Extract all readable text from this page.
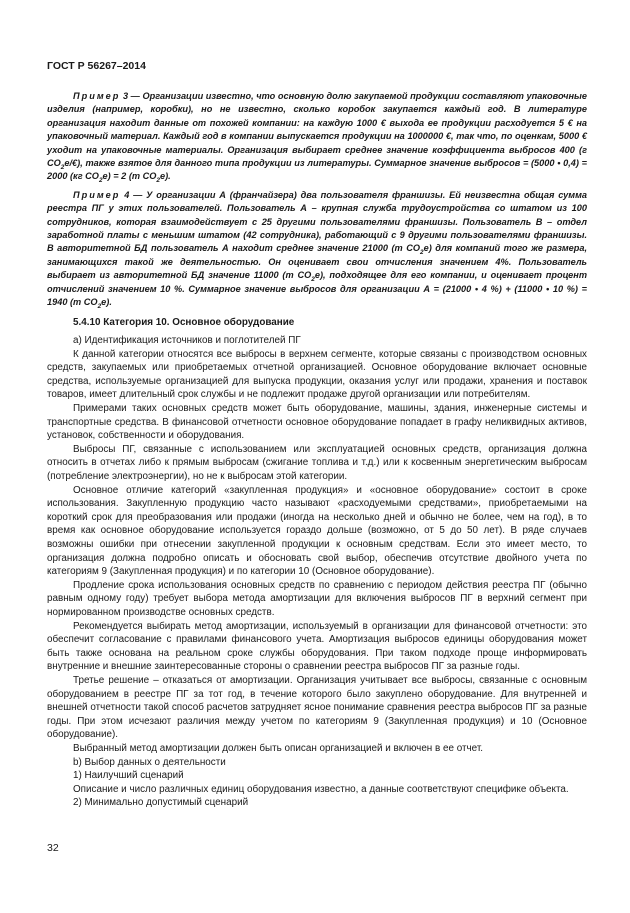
ГОСТ Р 56267–2014

Пример 3 — Организации известно, что основную долю закупаемой продукции составляют упаковочные изделия (например, коробки), но не известно, сколько коробок закупается каждый год. В литературе организация находит данные от похожей компании: на каждую 1000 € выхода ее продукции расходуется 5 € на упаковочный материал. Каждый год в компании выпускается продукции на 1000000 €, так что, по оценкам, 5000 € уходит на упаковочные материалы. Организация выбирает среднее значение коэффициента выбросов 400 (г $CO_2е/€$), также взятое для данного типа продукции из литературы. Суммарное значение выбросов = (5000 • 0,4) = 2000 (кг $CO_2е) = 2$ (т $CO_2е$).

Пример 4 — У организации А (франчайзера) два пользователя франшизы. Ей неизвестна общая сумма реестра ПГ у этих пользователей. Пользователь А – крупная служба трудоустройства со штатом из 100 сотрудников, которая взаимодействует с 25 другими пользователями франшизы. Пользователь В – отдел заработной платы с меньшим штатом (42 сотрудника), работающий с 9 другими пользователями франшизы. В авторитетной БД пользователь А находит среднее значение 21000 (т $CO_2е$) для компаний того же размера, занимающихся такой же деятельностью. Он оценивает свои отчисления значением 4%. Пользователь выбирает из авторитетной БД значение 11000 (т $CO_2е$), подходящее для его компании, и оценивает процент отчислений значением 10 %. Суммарное значение выбросов для организации А = (21000 • 4 %) + (11000 • 10 %) = 1940 (т $CO_2е$).

5.4.10 Категория 10. Основное оборудование

а) Идентификация источников и поглотителей ПГ

К данной категории относятся все выбросы в верхнем сегменте, которые связаны с производством основных средств, закупаемых или приобретаемых отчетной организацией. Основное оборудование включает основные средства, используемые организацией для выпуска продукции, оказания услуг или продажи, хранения и поставок товаров, имеет длительный срок службы и не подлежит продаже другой организации или потребителям.

Примерами таких основных средств может быть оборудование, машины, здания, инженерные системы и транспортные средства. В финансовой отчетности основное оборудование попадает в графу неликвидных активов, установок, собственности и оборудования.

Выбросы ПГ, связанные с использованием или эксплуатацией основных средств, организация должна относить в отчетах либо к прямым выбросам (сжигание топлива и т.д.) или к косвенным энергетическим выбросам (потребление электроэнергии), но не к выбросам этой категории.

Основное отличие категорий «закупленная продукция» и «основное оборудование» состоит в сроке использования. Закупленную продукцию часто называют «расходуемыми средствами», приобретаемыми на короткий срок для преобразования или продажи (иногда на несколько дней и обычно не более, чем на год), в то время как основное оборудование используется гораздо дольше (возможно, от 5 до 50 лет). В ряде случаев возможны ошибки при отнесении закупленной продукции к основным средствам. Если это имеет место, то организация должна подробно описать и обосновать свой выбор, обеспечив отсутствие двойного учета по категориям 9 (Закупленная продукция) и по категории 10 (Основное оборудование).

Продление срока использования основных средств по сравнению с периодом действия реестра ПГ (обычно равным одному году) требует выбора метода амортизации для включения выбросов ПГ в верхний сегмент при нормированном производстве основных средств.

Рекомендуется выбирать метод амортизации, используемый в организации для финансовой отчетности: это обеспечит согласование с правилами финансового учета. Амортизация выбросов единицы оборудования может быть также основана на реальном сроке службы оборудования. При таком подходе проще информировать внутренние и внешние заинтересованные стороны о сравнении реестра выбросов ПГ за разные годы.

Третье решение – отказаться от амортизации. Организация учитывает все выбросы, связанные с основным оборудованием в реестре ПГ за тот год, в течение которого было закуплено оборудование. Для внутренней и внешней отчетности такой способ расчетов затрудняет ясное понимание сравнения реестра выбросов ПГ за разные годы. При этом исчезают различия между учетом по категориям 9 (Закупленная продукция) и 10 (Основное оборудование).

Выбранный метод амортизации должен быть описан организацией и включен в ее отчет.

b) Выбор данных о деятельности

1) Наилучший сценарий

Описание и число различных единиц оборудования известно, а данные соответствуют специфике объекта.

2) Минимально допустимый сценарий

32
